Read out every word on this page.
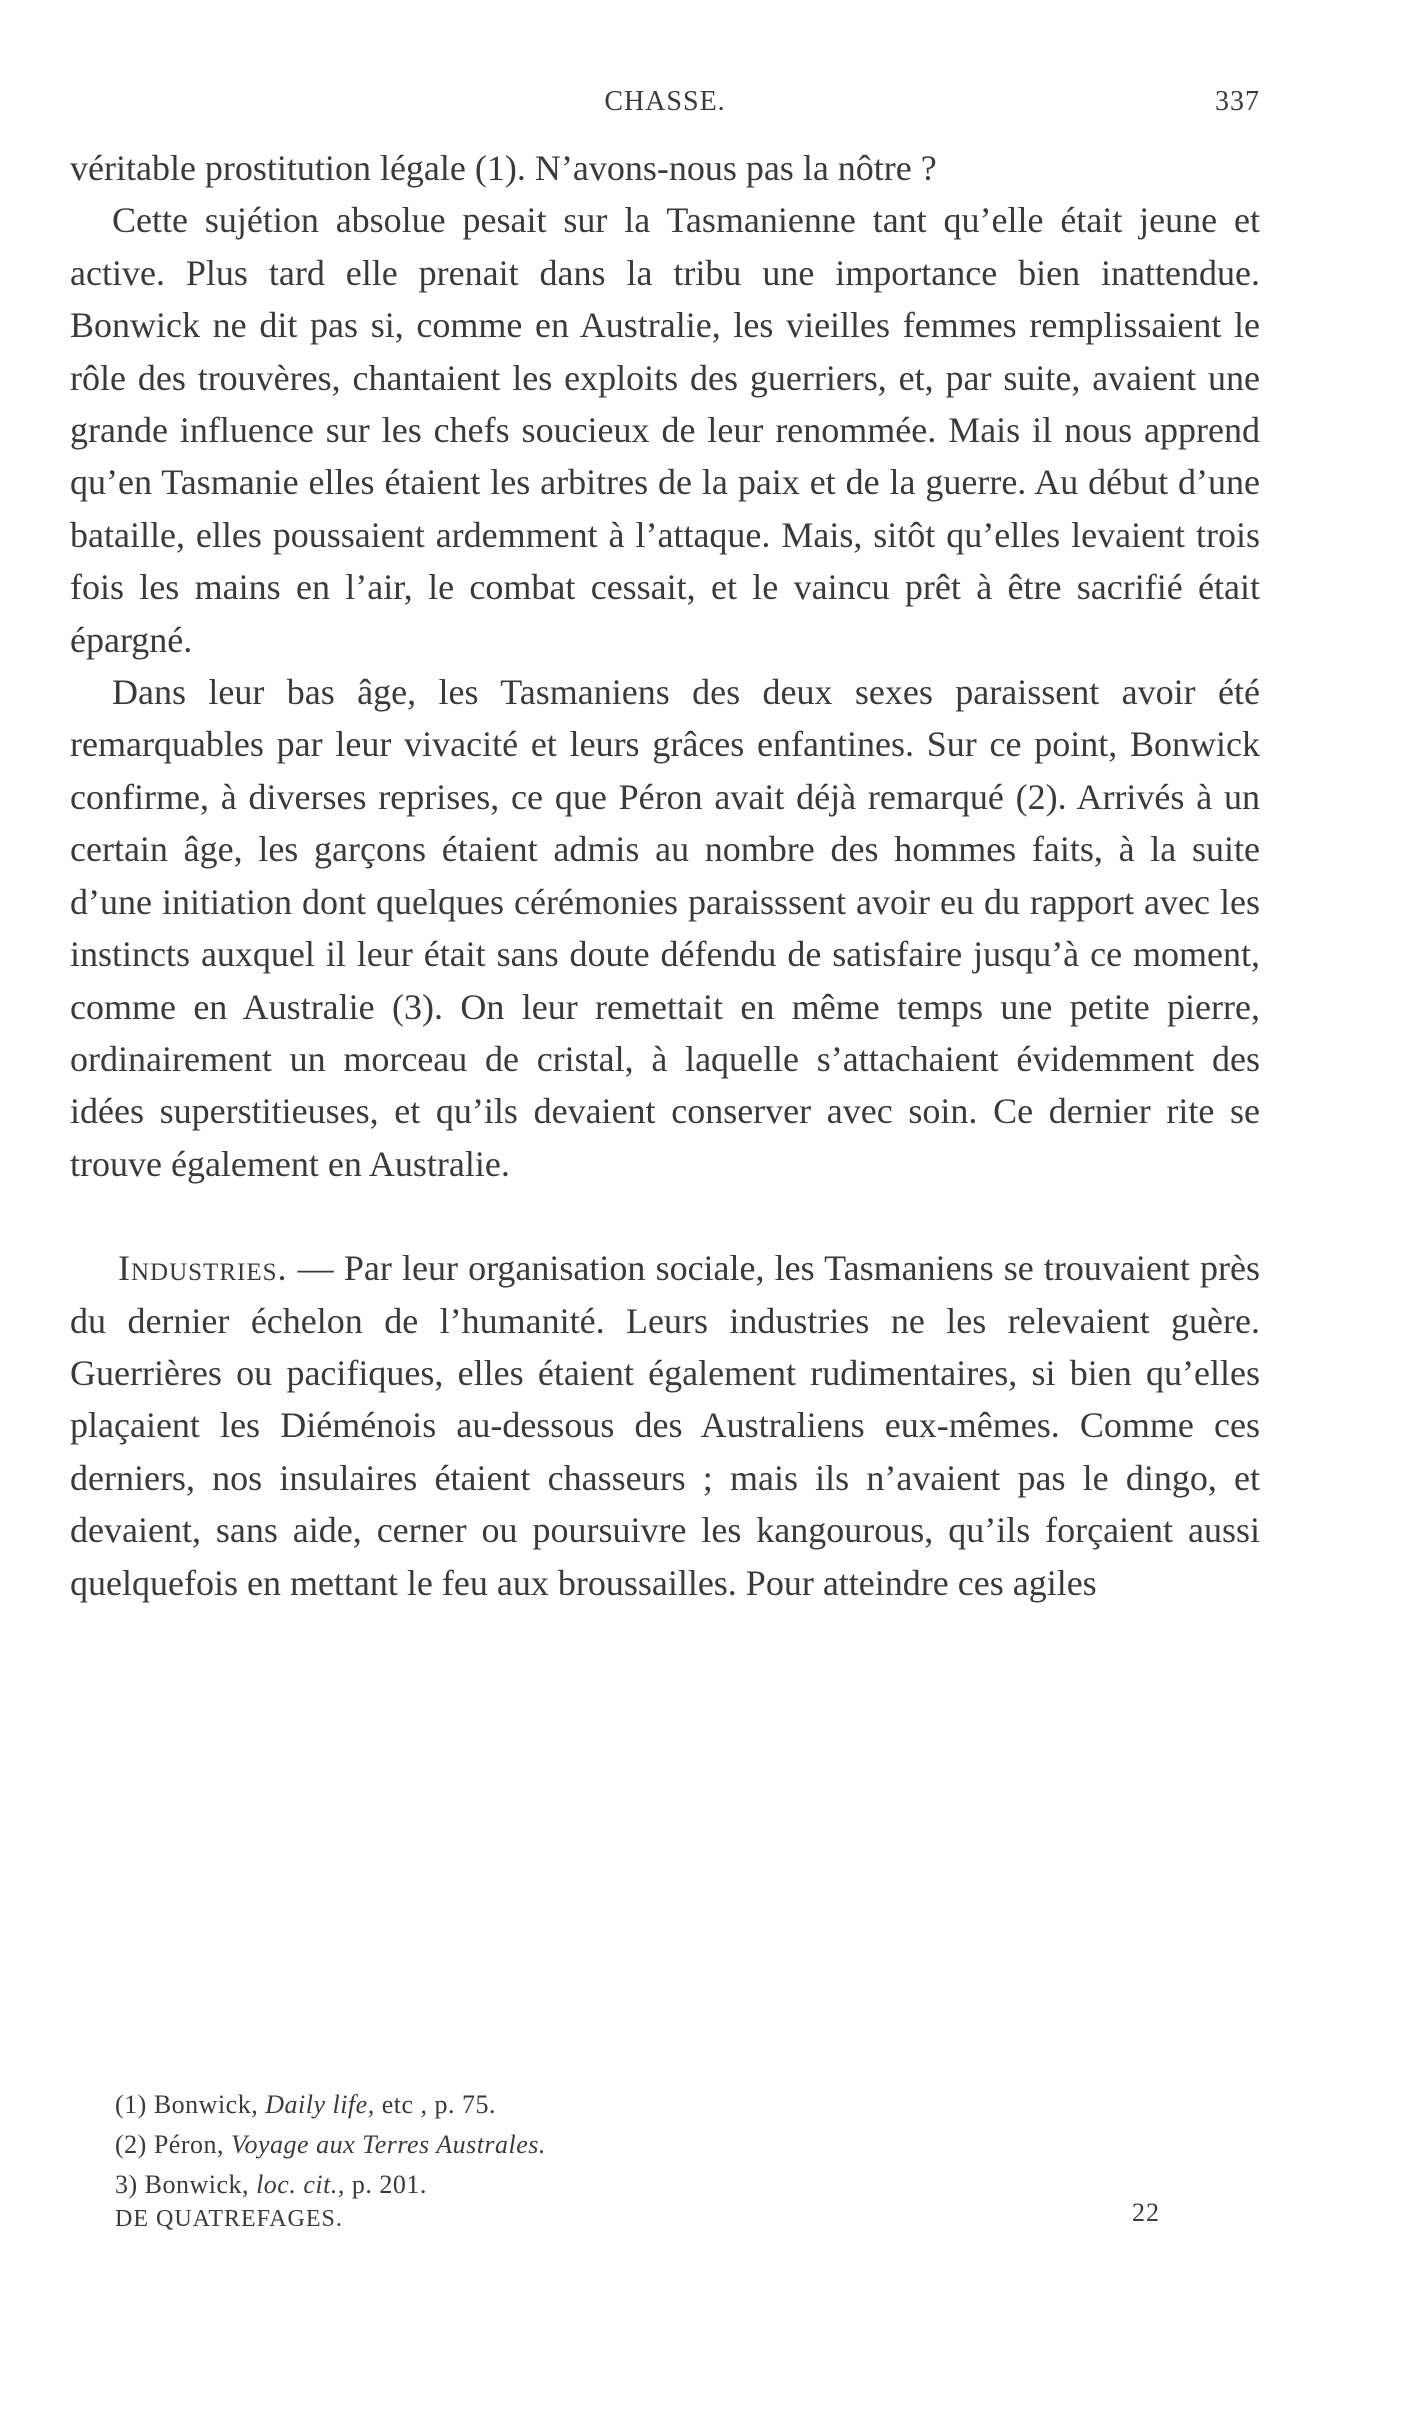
CHASSE.	337

véritable prostitution légale (1). N’avons-nous pas la nôtre ?

Cette sujétion absolue pesait sur la Tasmanienne tant qu’elle était jeune et active. Plus tard elle prenait dans la tribu une importance bien inattendue. Bonwick ne dit pas si, comme en Australie, les vieilles femmes remplissaient le rôle des trouvères, chantaient les exploits des guerriers, et, par suite, avaient une grande influence sur les chefs soucieux de leur renommée. Mais il nous apprend qu’en Tasmanie elles étaient les arbitres de la paix et de la guerre. Au début d’une bataille, elles poussaient ardemment à l’attaque. Mais, sitôt qu’elles levaient trois fois les mains en l’air, le combat cessait, et le vaincu prêt à être sacrifié était épargné.

Dans leur bas âge, les Tasmaniens des deux sexes paraissent avoir été remarquables par leur vivacité et leurs grâces enfantines. Sur ce point, Bonwick confirme, à diverses reprises, ce que Péron avait déjà remarqué (2). Arrivés à un certain âge, les garçons étaient admis au nombre des hommes faits, à la suite d’une initiation dont quelques cérémonies paraisssent avoir eu du rapport avec les instincts auxquel il leur était sans doute défendu de satisfaire jusqu’à ce moment, comme en Australie (3). On leur remettait en même temps une petite pierre, ordinairement un morceau de cristal, à laquelle s’attachaient évidemment des idées superstitieuses, et qu’ils devaient conserver avec soin. Ce dernier rite se trouve également en Australie.

Industries. — Par leur organisation sociale, les Tasmaniens se trouvaient près du dernier échelon de l’humanité. Leurs industries ne les relevaient guère. Guerrières ou pacifiques, elles étaient également rudimentaires, si bien qu’elles plaçaient les Diéménois au-dessous des Australiens eux-mêmes. Comme ces derniers, nos insulaires étaient chasseurs ; mais ils n’avaient pas le dingo, et devaient, sans aide, cerner ou poursuivre les kangourous, qu’ils forçaient aussi quelquefois en mettant le feu aux broussailles. Pour atteindre ces agiles

(1) Bonwick, Daily life, etc , p. 75.
(2) Péron, Voyage aux Terres Australes.
3) Bonwick, loc. cit., p. 201.
DE QUATREFAGES.	22
